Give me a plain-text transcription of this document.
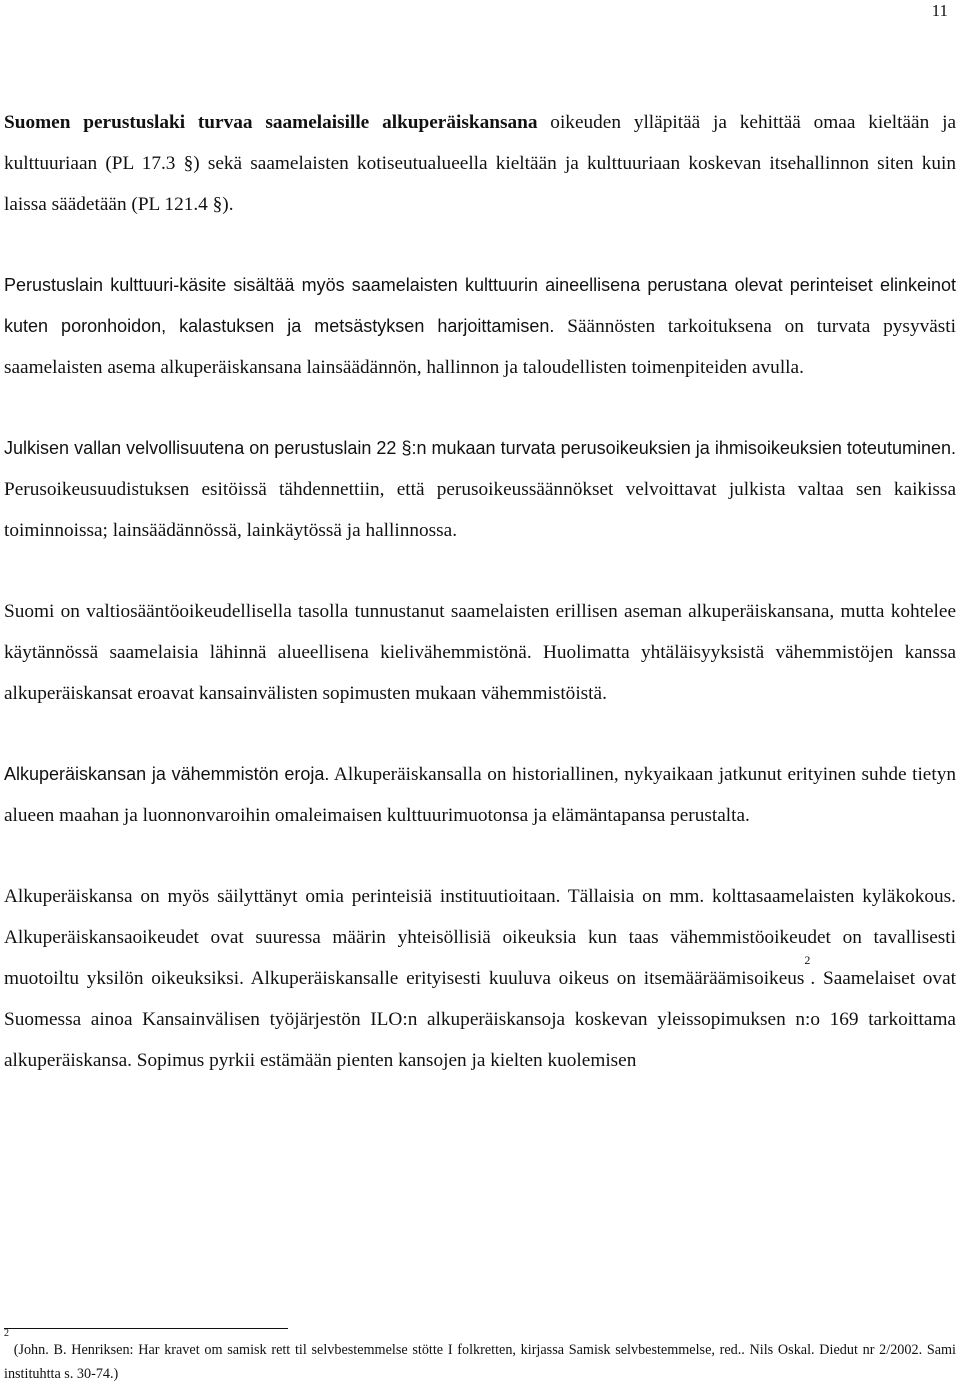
11

Suomen perustuslaki turvaa saamelaisille alkuperäiskansana oikeuden ylläpitää ja kehittää omaa kieltään ja kulttuuriaan (PL 17.3 §) sekä saamelaisten kotiseutualueella kieltään ja kulttuuriaan koskevan itsehallinnon siten kuin laissa säädetään (PL 121.4 §).

Perustuslain kulttuuri-käsite sisältää myös saamelaisten kulttuurin aineellisena perustana olevat perinteiset elinkeinot kuten poronhoidon, kalastuksen ja metsästyksen harjoittamisen. Säännösten tarkoituksena on turvata pysyvästi saamelaisten asema alkuperäiskansana lainsäädännön, hallinnon ja taloudellisten toimenpiteiden avulla.

Julkisen vallan velvollisuutena on perustuslain 22 §:n mukaan turvata perusoikeuksien ja ihmisoikeuksien toteutuminen. Perusoikeusuudistuksen esitöissä tähdennettiin, että perusoikeussäännökset velvoittavat julkista valtaa sen kaikissa toiminnoissa; lainsäädännössä, lainkäytössä ja hallinnossa.

Suomi on valtiosääntöoikeudellisella tasolla tunnustanut saamelaisten erillisen aseman alkuperäiskansana, mutta kohtelee käytännössä saamelaisia lähinnä alueellisena kielivähemmistönä. Huolimatta yhtäläisyyksistä vähemmistöjen kanssa alkuperäiskansat eroavat kansainvälisten sopimusten mukaan vähemmistöistä.

Alkuperäiskansan ja vähemmistön eroja. Alkuperäiskansalla on historiallinen, nykyaikaan jatkunut erityinen suhde tietyn alueen maahan ja luonnonvaroihin omaleimaisen kulttuurimuotonsa ja elämäntapansa perustalta.

Alkuperäiskansa on myös säilyttänyt omia perinteisiä instituutioitaan. Tällaisia on mm. kolttasaamelaisten kyläkokous. Alkuperäiskansaoikeudet ovat suuressa määrin yhteisöllisiä oikeuksia kun taas vähemmistöoikeudet on tavallisesti muotoiltu yksilön oikeuksiksi. Alkuperäiskansalle erityisesti kuuluva oikeus on itsemääräämisoikeus$^2$. Saamelaiset ovat Suomessa ainoa Kansainvälisen työjärjestön ILO:n alkuperäiskansoja koskevan yleissopimuksen n:o 169 tarkoittama alkuperäiskansa. Sopimus pyrkii estämään pienten kansojen ja kielten kuolemisen

$^2$ (John. B. Henriksen: Har kravet om samisk rett til selvbestemmelse stötte I folkretten, kirjassa Samisk selvbestemmelse, red.. Nils Oskal. Diedut nr 2/2002. Sami instituhtta s. 30-74.)
